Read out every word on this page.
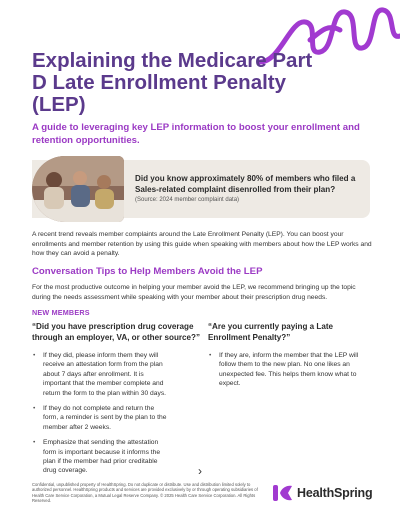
Explaining the Medicare Part D Late Enrollment Penalty (LEP)

A guide to leveraging key LEP information to boost your enrollment and retention opportunities.

Did you know approximately 80% of members who filed a Sales-related complaint disenrolled from their plan?

(Source: 2024 member complaint data)

A recent trend reveals member complaints around the Late Enrollment Penalty (LEP). You can boost your enrollments and member retention by using this guide when speaking with members about how the LEP works and how they can avoid a penalty.

Conversation Tips to Help Members Avoid the LEP

For the most productive outcome in helping your member avoid the LEP, we recommend bringing up the topic during the needs assessment while speaking with your member about their prescription drug needs.

NEW MEMBERS

“Did you have prescription drug coverage through an employer, VA, or other source?”

• If they did, please inform them they will receive an attestation form from the plan about 7 days after enrollment. It is important that the member complete and return the form to the plan within 30 days.
• If they do not complete and return the form, a reminder is sent by the plan to the member after 2 weeks.
• Emphasize that sending the attestation form is important because it informs the plan if the member had prior creditable drug coverage.

“Are you currently paying a Late Enrollment Penalty?”

• If they are, inform the member that the LEP will follow them to the new plan. No one likes an unexpected fee. This helps them know what to expect.
›

Confidential, unpublished property of HealthSpring. Do not duplicate or distribute. Use and distribution limited solely to authorized personnel. HealthSpring products and services are provided exclusively by or through operating subsidiaries of Health Care Service Corporation, a Mutual Legal Reserve Company. © 2025 Health Care Service Corporation. All Rights Reserved.

HealthSpring
